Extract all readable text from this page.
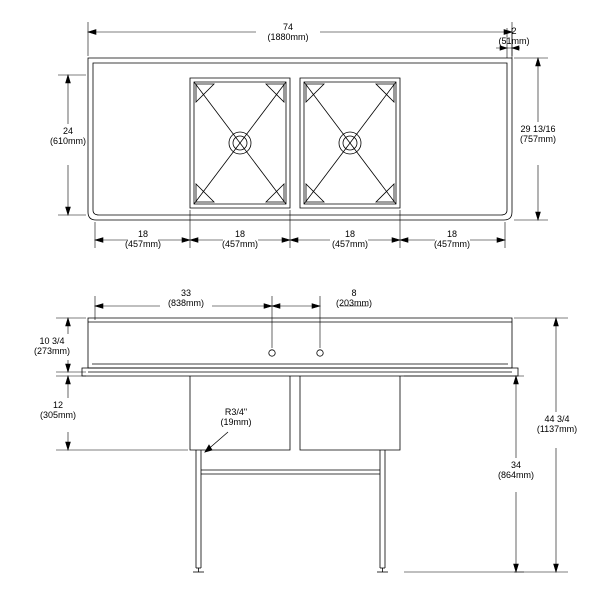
74
(1880mm)
2
(51mm)
24
(610mm)
29 13/16
(757mm)
18
(457mm)
18
(457mm)
18
(457mm)
18
(457mm)
33
(838mm)
8
(203mm)
10 3/4
(273mm)
12
(305mm)	R3/4"
(19mm)	44 3/4
(1137mm)
34
(864mm)
